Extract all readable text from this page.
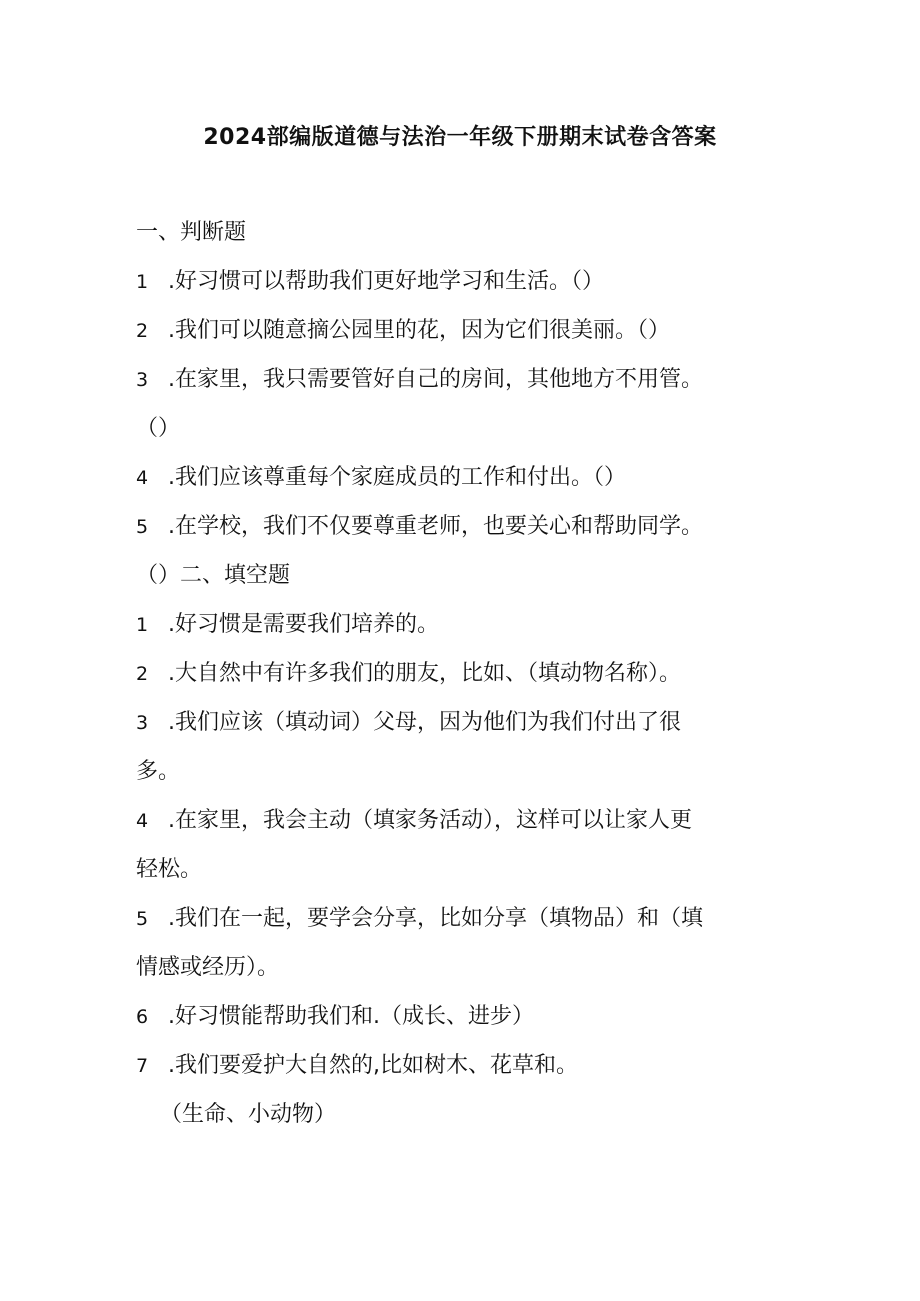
2024部编版道德与法治一年级下册期末试卷含答案
一、判断题
1 .好习惯可以帮助我们更好地学习和生活。（）
2 .我们可以随意摘公园里的花，因为它们很美丽。（）
3 .在家里，我只需要管好自己的房间，其他地方不用管。
（）
4 .我们应该尊重每个家庭成员的工作和付出。（）
5 .在学校，我们不仅要尊重老师，也要关心和帮助同学。
（）二、填空题
1 .好习惯是需要我们培养的。
2 .大自然中有许多我们的朋友，比如、（填动物名称）。
3 .我们应该（填动词）父母，因为他们为我们付出了很
多。
4 .在家里，我会主动（填家务活动），这样可以让家人更
轻松。
5 .我们在一起，要学会分享，比如分享（填物品）和（填
情感或经历）。
6 .好习惯能帮助我们和.（成长、进步）
7 .我们要爱护大自然的,比如树木、花草和。
（生命、小动物）
